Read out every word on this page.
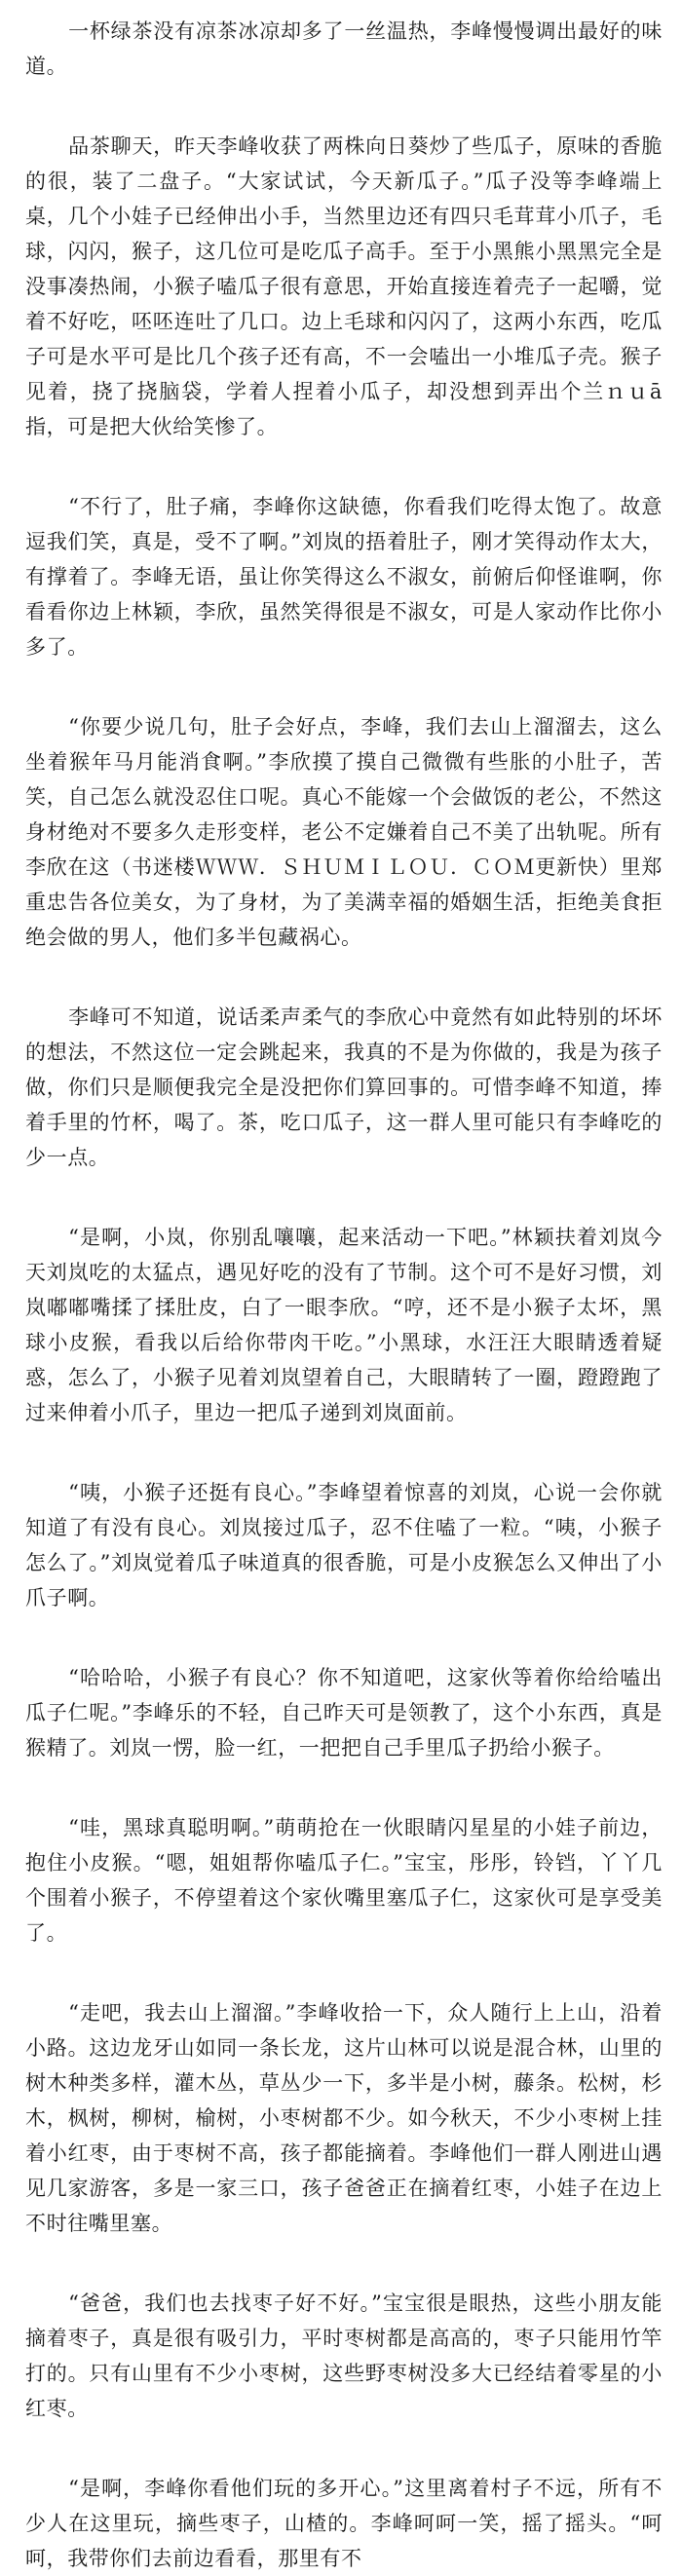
一杯绿茶没有凉茶冰凉却多了一丝温热，李峰慢慢调出最好的味道。

品茶聊天，昨天李峰收获了两株向日葵炒了些瓜子，原味的香脆的很，装了二盘子。“大家试试，今天新瓜子。”瓜子没等李峰端上桌，几个小娃子已经伸出小手，当然里边还有四只毛茸茸小爪子，毛球，闪闪，猴子，这几位可是吃瓜子高手。至于小黑熊小黑黑完全是没事凑热闹，小猴子嗑瓜子很有意思，开始直接连着壳子一起嚼，觉着不好吃，呸呸连吐了几口。边上毛球和闪闪了，这两小东西，吃瓜子可是水平可是比几个孩子还有高，不一会嗑出一小堆瓜子壳。猴子见着，挠了挠脑袋，学着人捏着小瓜子，却没想到弄出个兰ｎｕā指，可是把大伙给笑惨了。

“不行了，肚子痛，李峰你这缺德，你看我们吃得太饱了。故意逗我们笑，真是，受不了啊。”刘岚的捂着肚子，刚才笑得动作太大，有撑着了。李峰无语，虽让你笑得这么不淑女，前俯后仰怪谁啊，你看看你边上林颖，李欣，虽然笑得很是不淑女，可是人家动作比你小多了。

“你要少说几句，肚子会好点，李峰，我们去山上溜溜去，这么坐着猴年马月能消食啊。”李欣摸了摸自己微微有些胀的小肚子，苦笑，自己怎么就没忍住口呢。真心不能嫁一个会做饭的老公，不然这身材绝对不要多久走形变样，老公不定嫌着自己不美了出轨呢。所有李欣在这（书迷楼ＷＷＷ．ＳＨＵＭＩＬＯＵ．ＣＯＭ更新快）里郑重忠告各位美女，为了身材，为了美满幸福的婚姻生活，拒绝美食拒绝会做的男人，他们多半包藏祸心。

李峰可不知道，说话柔声柔气的李欣心中竟然有如此特别的坏坏的想法，不然这位一定会跳起来，我真的不是为你做的，我是为孩子做，你们只是顺便我完全是没把你们算回事的。可惜李峰不知道，捧着手里的竹杯，喝了。茶，吃口瓜子，这一群人里可能只有李峰吃的少一点。

“是啊，小岚，你别乱嚷嚷，起来活动一下吧。”林颖扶着刘岚今天刘岚吃的太猛点，遇见好吃的没有了节制。这个可不是好习惯，刘岚嘟嘟嘴揉了揉肚皮，白了一眼李欣。“哼，还不是小猴子太坏，黑球小皮猴，看我以后给你带肉干吃。”小黑球，水汪汪大眼睛透着疑惑，怎么了，小猴子见着刘岚望着自己，大眼睛转了一圈，蹬蹬跑了过来伸着小爪子，里边一把瓜子递到刘岚面前。

“咦，小猴子还挺有良心。”李峰望着惊喜的刘岚，心说一会你就知道了有没有良心。刘岚接过瓜子，忍不住嗑了一粒。“咦，小猴子怎么了。”刘岚觉着瓜子味道真的很香脆，可是小皮猴怎么又伸出了小爪子啊。

“哈哈哈，小猴子有良心？你不知道吧，这家伙等着你给给嗑出瓜子仁呢。”李峰乐的不轻，自己昨天可是领教了，这个小东西，真是猴精了。刘岚一愣，脸一红，一把把自己手里瓜子扔给小猴子。

“哇，黑球真聪明啊。”萌萌抢在一伙眼睛闪星星的小娃子前边，抱住小皮猴。“嗯，姐姐帮你嗑瓜子仁。”宝宝，彤彤，铃铛，丫丫几个围着小猴子，不停望着这个家伙嘴里塞瓜子仁，这家伙可是享受美了。

“走吧，我去山上溜溜。”李峰收拾一下，众人随行上上山，沿着小路。这边龙牙山如同一条长龙，这片山林可以说是混合林，山里的树木种类多样，灌木丛，草丛少一下，多半是小树，藤条。松树，杉木，枫树，柳树，榆树，小枣树都不少。如今秋天，不少小枣树上挂着小红枣，由于枣树不高，孩子都能摘着。李峰他们一群人刚进山遇见几家游客，多是一家三口，孩子爸爸正在摘着红枣，小娃子在边上不时往嘴里塞。

“爸爸，我们也去找枣子好不好。”宝宝很是眼热，这些小朋友能摘着枣子，真是很有吸引力，平时枣树都是高高的，枣子只能用竹竿打的。只有山里有不少小枣树，这些野枣树没多大已经结着零星的小红枣。

“是啊，李峰你看他们玩的多开心。”这里离着村子不远，所有不少人在这里玩，摘些枣子，山楂的。李峰呵呵一笑，摇了摇头。“呵呵，我带你们去前边看看，那里有不
